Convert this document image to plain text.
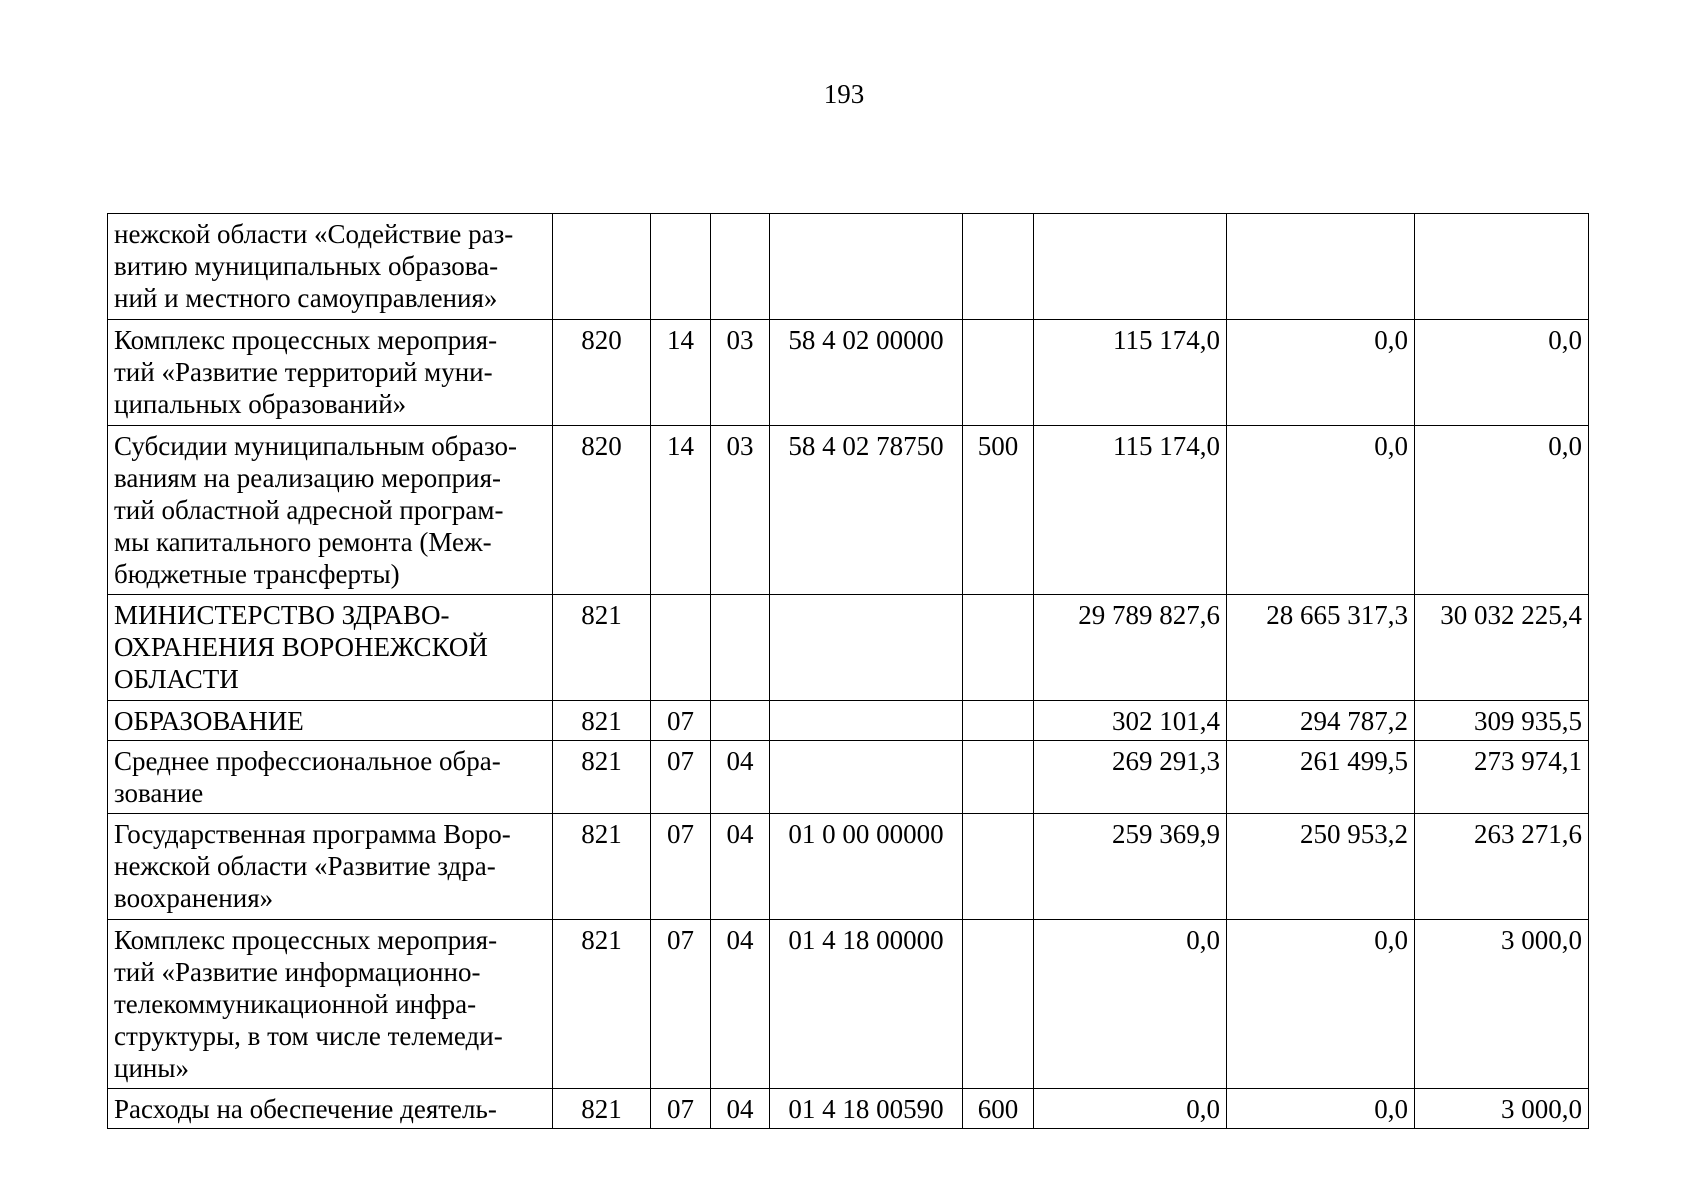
193
нежской области «Содействие раз-
витию муниципальных образова-
ний и местного самоуправления»								

Комплекс процессных мероприя-
тий «Развитие территорий муни-
ципальных образований»	820	14	03	58 4 02 00000		115 174,0	0,0	0,0

Субсидии муниципальным образо-
ваниям на реализацию мероприя-
тий областной адресной програм-
мы капитального ремонта (Меж-
бюджетные трансферты)	820	14	03	58 4 02 78750	500	115 174,0	0,0	0,0

МИНИСТЕРСТВО ЗДРАВО-
ОХРАНЕНИЯ ВОРОНЕЖСКОЙ
ОБЛАСТИ	821					29 789 827,6	28 665 317,3	30 032 225,4

ОБРАЗОВАНИЕ	821	07				302 101,4	294 787,2	309 935,5

Среднее профессиональное обра-
зование	821	07	04			269 291,3	261 499,5	273 974,1

Государственная программа Воро-
нежской области «Развитие здра-
воохранения»	821	07	04	01 0 00 00000		259 369,9	250 953,2	263 271,6

Комплекс процессных мероприя-
тий «Развитие информационно-
телекоммуникационной инфра-
структуры, в том числе телемеди-
цины»	821	07	04	01 4 18 00000		0,0	0,0	3 000,0

Расходы на обеспечение деятель-	821	07	04	01 4 18 00590	600	0,0	0,0	3 000,0
